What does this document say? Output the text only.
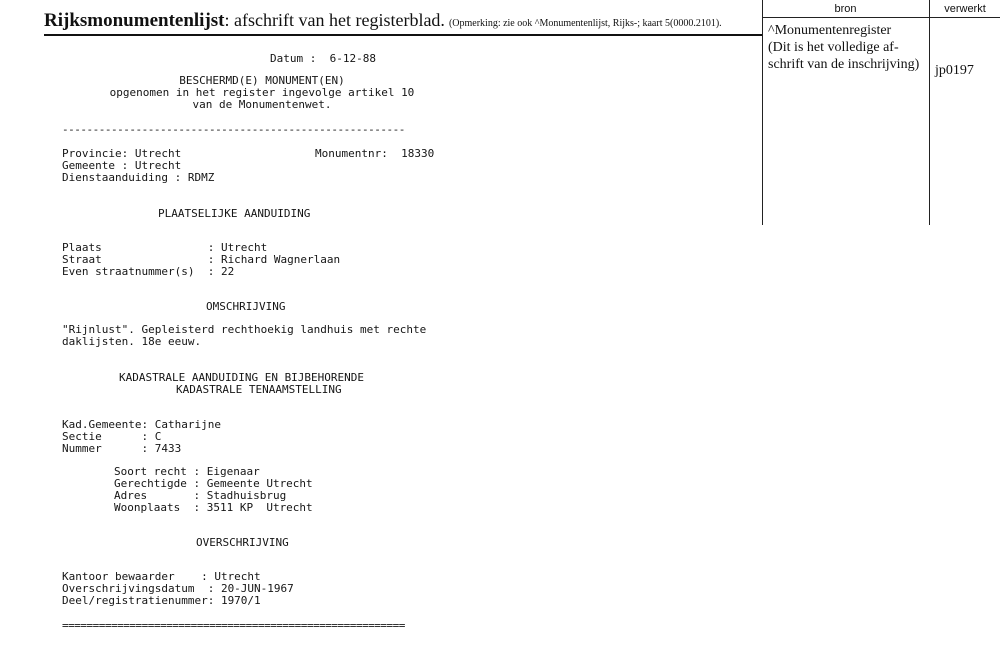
Rijksmonumentenlijst: afschrift van het registerblad. (Opmerking: zie ook ^Monumentenlijst, Rijks-; kaart 5(0000.2101).
bron	verwerkt
^Monumentenregister
(Dit is het volledige af-
schrift van de inschrijving)	jp0197
Datum : 6-12-88
BESCHERMD(E) MONUMENT(EN)
opgenomen in het register ingevolge artikel 10
van de Monumentenwet.
--------------------------------------------------------
Provincie: Utrecht	Monumentnr: 18330
Gemeente : Utrecht
Dienstaanduiding : RDMZ
PLAATSELIJKE AANDUIDING
Plaats                : Utrecht
Straat                : Richard Wagnerlaan
Even straatnummer(s)  : 22
OMSCHRIJVING
"Rijnlust". Gepleisterd rechthoekig landhuis met rechte
daklijsten. 18e eeuw.
KADASTRALE AANDUIDING EN BIJBEHORENDE
KADASTRALE TENAAMSTELLING
Kad.Gemeente: Catharijne
Sectie      : C
Nummer      : 7433
Soort recht : Eigenaar
Gerechtigde : Gemeente Utrecht
Adres       : Stadhuisbrug
Woonplaats  : 3511 KP  Utrecht
OVERSCHRIJVING
Kantoor bewaarder    : Utrecht
Overschrijvingsdatum  : 20-JUN-1967
Deel/registratienummer: 1970/1
========================================================
